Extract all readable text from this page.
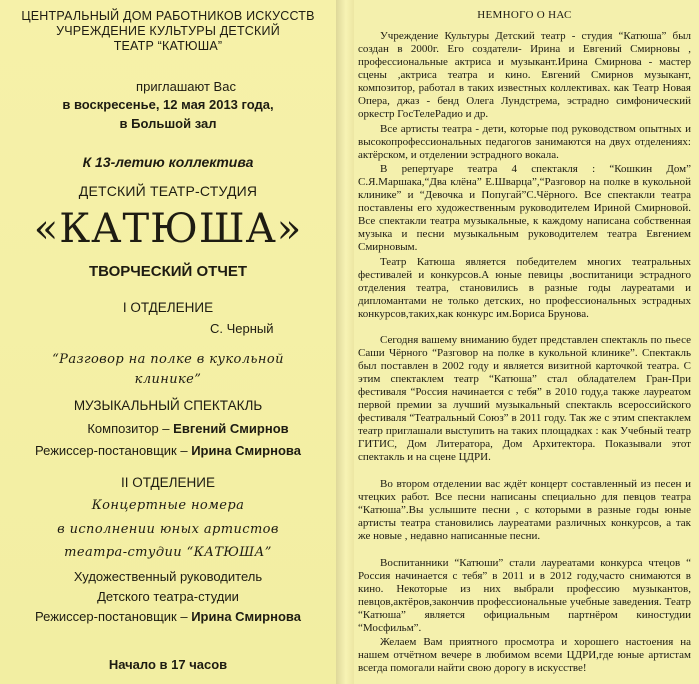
ЦЕНТРАЛЬНЫЙ ДОМ РАБОТНИКОВ ИСКУССТВ
УЧРЕЖДЕНИЕ КУЛЬТУРЫ ДЕТСКИЙ
ТЕАТР “КАТЮША”
приглашают Вас
в воскресенье, 12 мая 2013 года,
в Большой зал
К 13-летию коллектива
ДЕТСКИЙ ТЕАТР-СТУДИЯ
«КАТЮША»
ТВОРЧЕСКИЙ ОТЧЕТ
I ОТДЕЛЕНИЕ
С. Черный
“Разговор на полке в кукольной
клинике”
МУЗЫКАЛЬНЫЙ СПЕКТАКЛЬ
Композитор – Евгений Смирнов
Режиссер-постановщик – Ирина Смирнова
II ОТДЕЛЕНИЕ
Концертные номера
в исполнении юных артистов
театра-студии “КАТЮША”
Художественный руководитель
Детского театра-студии
Режиссер-постановщик – Ирина Смирнова
Начало в 17 часов
НЕМНОГО О НАС
Учреждение Культуры Детский театр - студия “Катюша” был создан в 2000г. Его создатели- Ирина и Евгений Смирновы , профессиональные актриса и музыкант.Ирина Смирнова - мастер сцены ,актриса театра и кино. Евгений Смирнов музыкант, композитор, работал в таких известных коллективах. как Театр Новая Опера, джаз - бенд Олега Лундстрема, эстрадно симфонический оркестр ГосТелеРадио и др.
Все артисты театра - дети, которые под руководством опытных и высокопрофессиональных педагогов занимаются на двух отделениях: актёрском, и отделении эстрадного вокала.
В репертуаре театра 4 спектакля : “Кошкин Дом” С.Я.Маршака,“Два клёна” Е.Шварца”,“Разговор на полке в кукольной клинике” и “Девочка и Попугай”С.Чёрного. Все спектакли театра поставлены его художественным руководителем Ириной Смирновой. Все спектакли театра музыкальные, к каждому написана собственная музыка и песни музыкальным руководителем театра Евгением Смирновым.
Театр Катюша является победителем многих театральных фестивалей и конкурсов.А юные певицы ,воспитаници эстрадного отделения театра, становились в разные годы лауреатами и дипломантами не только детских, но профессиональных эстрадных конкурсов,таких,как конкурс им.Бориса Брунова.
Сегодня вашему вниманию будет представлен спектакль по пьесе Саши Чёрного “Разговор на полке в кукольной клинике”. Спектакль был поставлен в 2002 году и является визитной карточкой театра. С этим спектаклем театр “Катюша” стал обладателем Гран-При фестиваля “Россия начинается с тебя” в 2010 году,а также лауреатом первой премии за лучший музыкальный спектакль всероссийского фестиваля “Театральный Союз” в 2011 году. Так же с этим спектаклем театр приглашали выступить на таких площадках : как Учебный театр ГИТИС, Дом Литератора, Дом Архитектора. Показывали этот спектакль и на сцене ЦДРИ.
Во втором отделении вас ждёт концерт составленный из песен и чтецких работ. Все песни написаны специально для певцов театра “Катюша”.Вы услышите песни , с которыми в разные годы юные артисты театра становились лауреатами различных конкурсов, а так же новые , недавно написанные песни.
Воспитанники “Катюши” стали лауреатами конкурса чтецов “ Россия начинается с тебя” в 2011 и в 2012 году,часто снимаются в кино. Некоторые из них выбрали профессию музыкантов, певцов,актёров,закончив профессиональные учебные заведения. Театр “Катюша” является официальным партнёром киностудии “Мосфильм”.
Желаем Вам приятного просмотра и хорошего настоения на нашем отчётном вечере в любимом всеми ЦДРИ,где юные артистам всегда помогали найти свою дорогу в искусстве!
